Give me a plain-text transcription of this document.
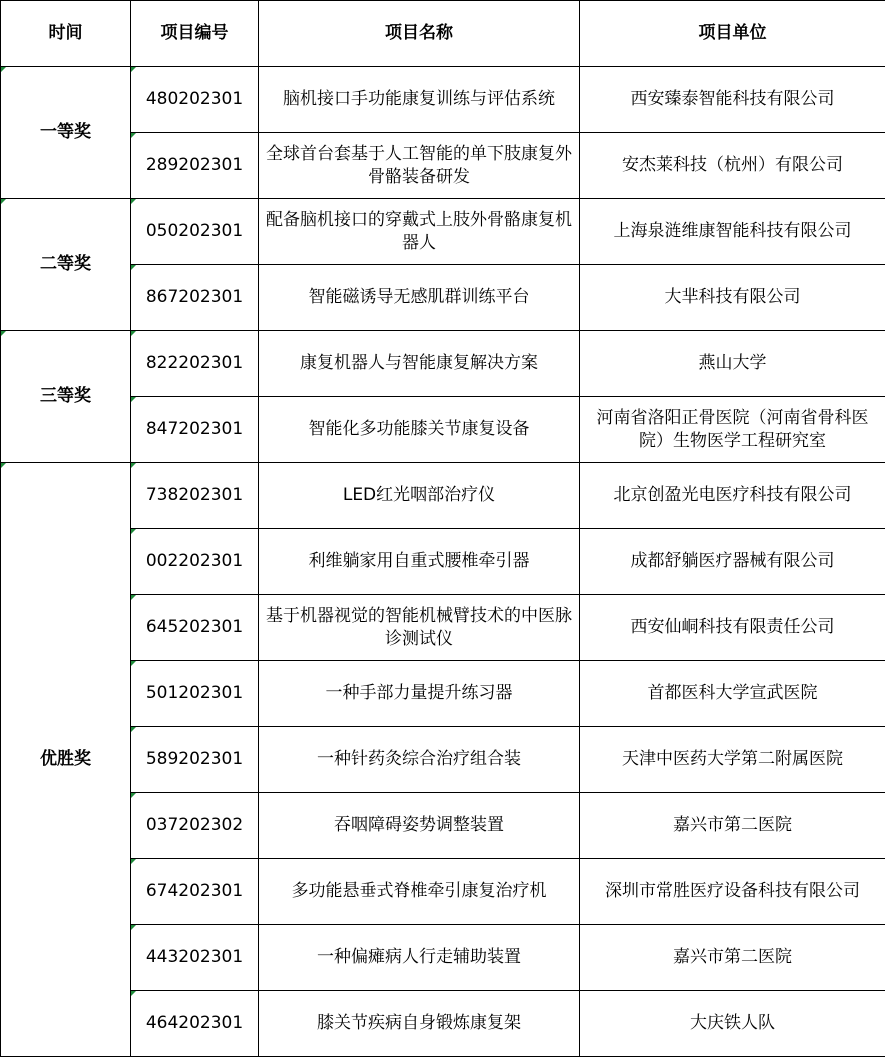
时间	项目编号	项目名称	项目单位
一等奖	480202301	脑机接口手功能康复训练与评估系统	西安臻泰智能科技有限公司
	289202301	全球首台套基于人工智能的单下肢康复外骨骼装备研发	安杰莱科技（杭州）有限公司
二等奖	050202301	配备脑机接口的穿戴式上肢外骨骼康复机器人	上海泉涟维康智能科技有限公司
	867202301	智能磁诱导无感肌群训练平台	大芈科技有限公司
三等奖	822202301	康复机器人与智能康复解决方案	燕山大学
	847202301	智能化多功能膝关节康复设备	河南省洛阳正骨医院（河南省骨科医院）生物医学工程研究室
优胜奖	738202301	LED红光咽部治疗仪	北京创盈光电医疗科技有限公司
	002202301	利维躺家用自重式腰椎牵引器	成都舒躺医疗器械有限公司
	645202301	基于机器视觉的智能机械臂技术的中医脉诊测试仪	西安仙峒科技有限责任公司
	501202301	一种手部力量提升练习器	首都医科大学宣武医院
	589202301	一种针药灸综合治疗组合装	天津中医药大学第二附属医院
	037202302	吞咽障碍姿势调整装置	嘉兴市第二医院
	674202301	多功能悬垂式脊椎牵引康复治疗机	深圳市常胜医疗设备科技有限公司
	443202301	一种偏瘫病人行走辅助装置	嘉兴市第二医院
	464202301	膝关节疾病自身锻炼康复架	大庆铁人队
